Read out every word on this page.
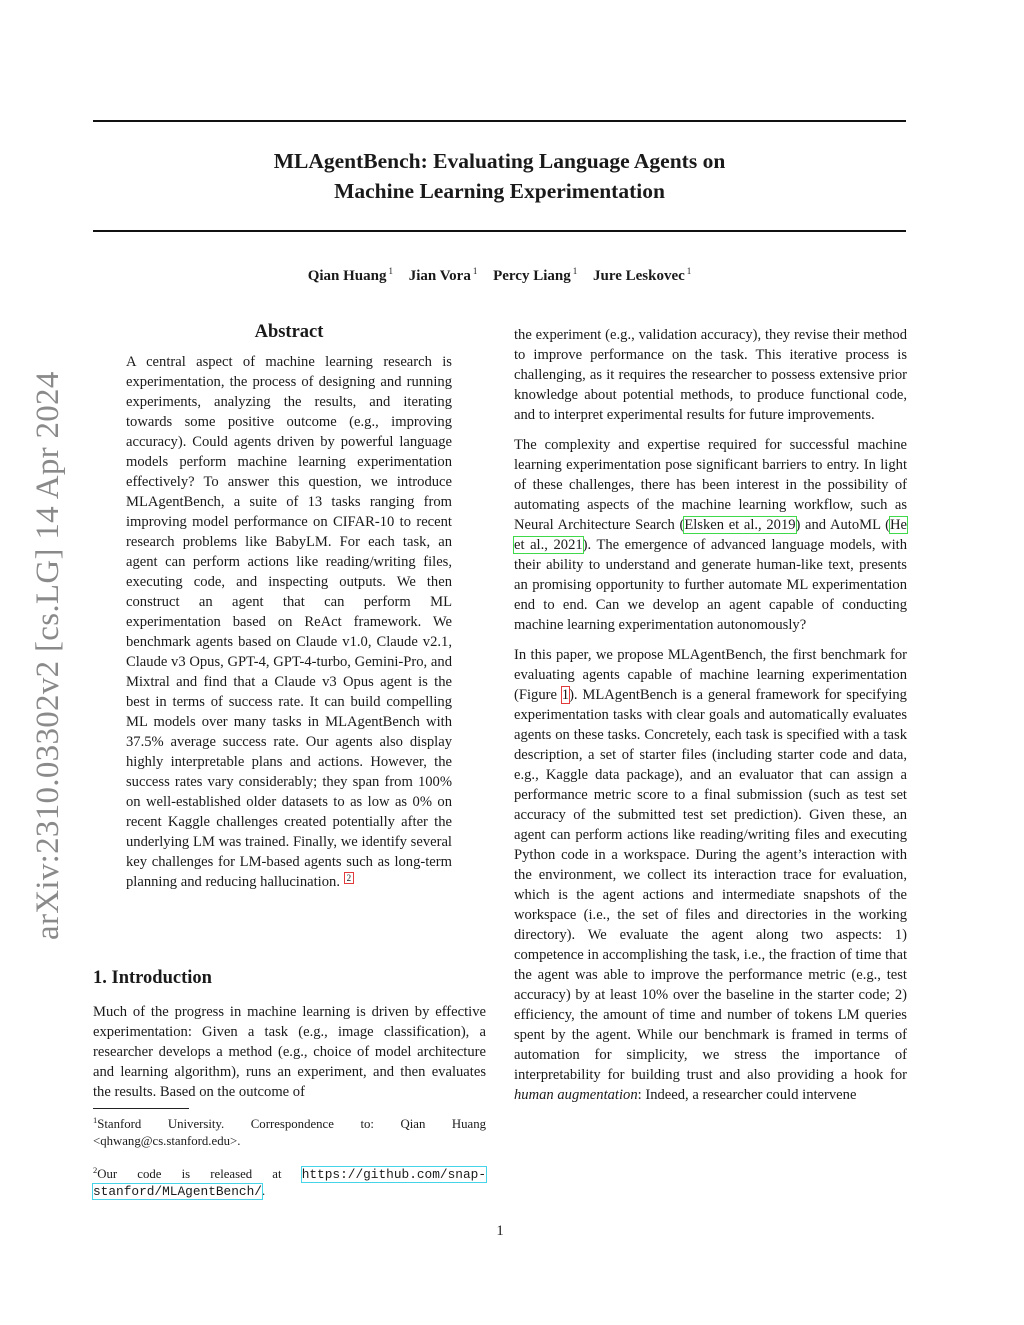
arXiv:2310.03302v2 [cs.LG] 14 Apr 2024
MLAgentBench: Evaluating Language Agents on
Machine Learning Experimentation
Qian Huang $^1$ Jian Vora $^1$ Percy Liang $^1$ Jure Leskovec $^1$
Abstract
A central aspect of machine learning research is experimentation, the process of designing and running experiments, analyzing the results, and iterating towards some positive outcome (e.g., improving accuracy). Could agents driven by powerful language models perform machine learning experimentation effectively? To answer this question, we introduce MLAgentBench, a suite of 13 tasks ranging from improving model performance on CIFAR-10 to recent research problems like BabyLM. For each task, an agent can perform actions like reading/writing files, executing code, and inspecting outputs. We then construct an agent that can perform ML experimentation based on ReAct framework. We benchmark agents based on Claude v1.0, Claude v2.1, Claude v3 Opus, GPT-4, GPT-4-turbo, Gemini-Pro, and Mixtral and find that a Claude v3 Opus agent is the best in terms of success rate. It can build compelling ML models over many tasks in MLAgentBench with 37.5% average success rate. Our agents also display highly interpretable plans and actions. However, the success rates vary considerably; they span from 100% on well-established older datasets to as low as 0% on recent Kaggle challenges created potentially after the underlying LM was trained. Finally, we identify several key challenges for LM-based agents such as long-term planning and reducing hallucination. 2
1. Introduction
Much of the progress in machine learning is driven by effective experimentation: Given a task (e.g., image classification), a researcher develops a method (e.g., choice of model architecture and learning algorithm), runs an experiment, and then evaluates the results. Based on the outcome of
$^1$Stanford University. Correspondence to: Qian Huang <qhwang@cs.stanford.edu>.
$^2$Our code is released at https://github.com/snap-stanford/MLAgentBench/.

the experiment (e.g., validation accuracy), they revise their method to improve performance on the task. This iterative process is challenging, as it requires the researcher to possess extensive prior knowledge about potential methods, to produce functional code, and to interpret experimental results for future improvements.

The complexity and expertise required for successful machine learning experimentation pose significant barriers to entry. In light of these challenges, there has been interest in the possibility of automating aspects of the machine learning workflow, such as Neural Architecture Search (Elsken et al., 2019) and AutoML (He et al., 2021). The emergence of advanced language models, with their ability to understand and generate human-like text, presents an promising opportunity to further automate ML experimentation end to end. Can we develop an agent capable of conducting machine learning experimentation autonomously?

In this paper, we propose MLAgentBench, the first benchmark for evaluating agents capable of machine learning experimentation (Figure 1). MLAgentBench is a general framework for specifying experimentation tasks with clear goals and automatically evaluates agents on these tasks. Concretely, each task is specified with a task description, a set of starter files (including starter code and data, e.g., Kaggle data package), and an evaluator that can assign a performance metric score to a final submission (such as test set accuracy of the submitted test set prediction). Given these, an agent can perform actions like reading/writing files and executing Python code in a workspace. During the agent’s interaction with the environment, we collect its interaction trace for evaluation, which is the agent actions and intermediate snapshots of the workspace (i.e., the set of files and directories in the working directory). We evaluate the agent along two aspects: 1) competence in accomplishing the task, i.e., the fraction of time that the agent was able to improve the performance metric (e.g., test accuracy) by at least 10% over the baseline in the starter code; 2) efficiency, the amount of time and number of tokens LM queries spent by the agent. While our benchmark is framed in terms of automation for simplicity, we stress the importance of interpretability for building trust and also providing a hook for human augmentation: Indeed, a researcher could intervene

1
